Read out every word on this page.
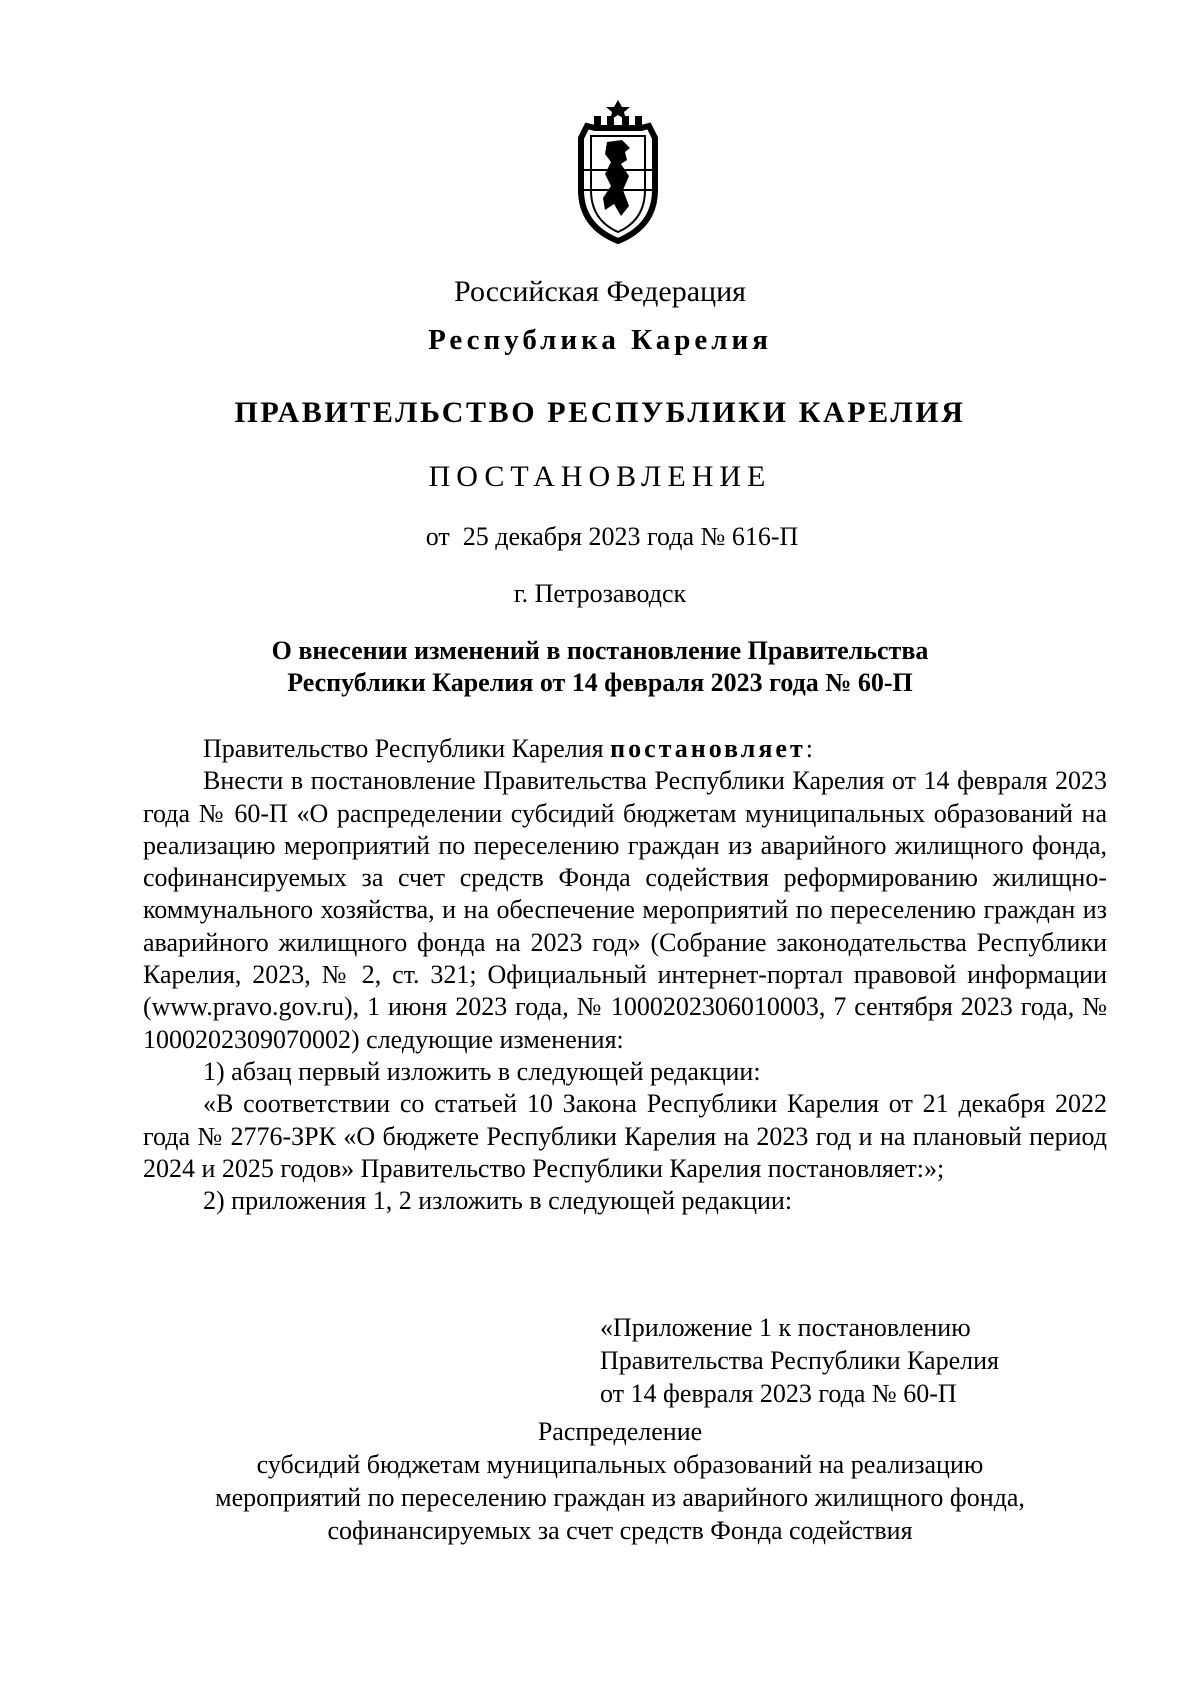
Российская Федерация
Республика Карелия
ПРАВИТЕЛЬСТВО РЕСПУБЛИКИ КАРЕЛИЯ
ПОСТАНОВЛЕНИЕ
от  25 декабря 2023 года № 616-П
г. Петрозаводск
О внесении изменений в постановление Правительства
Республики Карелия от 14 февраля 2023 года № 60-П

Правительство Республики Карелия постановляет:

Внести в постановление Правительства Республики Карелия от 14 февраля 2023 года № 60-П «О распределении субсидий бюджетам муниципальных образований на реализацию мероприятий по переселению граждан из аварийного жилищного фонда, софинансируемых за счет средств Фонда содействия реформированию жилищно-коммунального хозяйства, и на обеспечение мероприятий по переселению граждан из аварийного жилищного фонда на 2023 год» (Собрание законодательства Республики Карелия, 2023, № 2, ст. 321; Официальный интернет-портал правовой информации (www.pravo.gov.ru), 1 июня 2023 года, № 1000202306010003, 7 сентября 2023 года, № 1000202309070002) следующие изменения:

1) абзац первый изложить в следующей редакции:

«В соответствии со статьей 10 Закона Республики Карелия от 21 декабря 2022 года № 2776-ЗРК «О бюджете Республики Карелия на 2023 год и на плановый период 2024 и 2025 годов» Правительство Республики Карелия постановляет:»;

2) приложения 1, 2 изложить в следующей редакции:

«Приложение 1 к постановлению
Правительства Республики Карелия
от 14 февраля 2023 года № 60-П
Распределение
субсидий бюджетам муниципальных образований на реализацию
мероприятий по переселению граждан из аварийного жилищного фонда,
софинансируемых за счет средств Фонда содействия
